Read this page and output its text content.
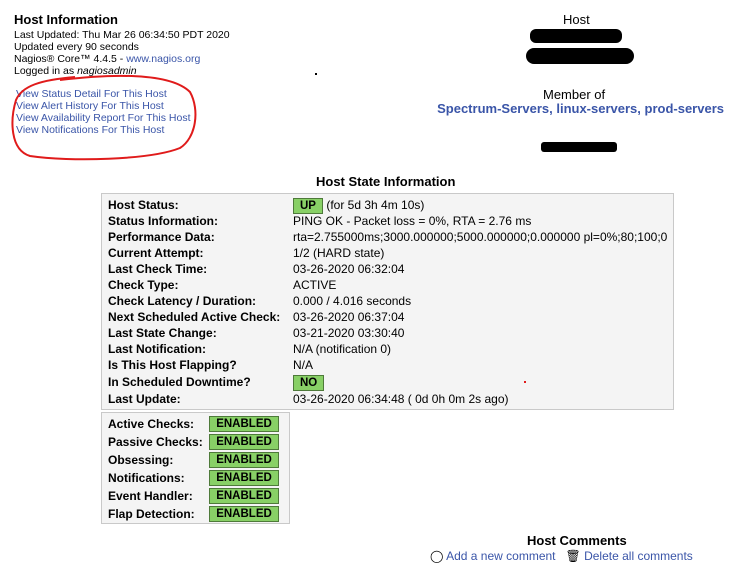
Host Information
Last Updated: Thu Mar 26 06:34:50 PDT 2020
Updated every 90 seconds
Nagios® Core™ 4.4.5 - www.nagios.org
Logged in as nagiosadmin
View Status Detail For This Host
View Alert History For This Host
View Availability Report For This Host
View Notifications For This Host
Host
Member of
Spectrum-Servers, linux-servers, prod-servers
Host State Information
Host Status:	UP (for 5d 3h 4m 10s)
Status Information:	PING OK - Packet loss = 0%, RTA = 2.76 ms
Performance Data:	rta=2.755000ms;3000.000000;5000.000000;0.000000 pl=0%;80;100;0
Current Attempt:	1/2 (HARD state)
Last Check Time:	03-26-2020 06:32:04
Check Type:	ACTIVE
Check Latency / Duration:	0.000 / 4.016 seconds
Next Scheduled Active Check: 03-26-2020 06:37:04
Last State Change:	03-21-2020 03:30:40
Last Notification:	N/A (notification 0)
Is This Host Flapping?	N/A
In Scheduled Downtime?	NO
Last Update:	03-26-2020 06:34:48 ( 0d 0h 0m 2s ago)
Active Checks:	ENABLED
Passive Checks:	ENABLED
Obsessing:	ENABLED
Notifications:	ENABLED
Event Handler:	ENABLED
Flap Detection:	ENABLED
Host Comments
◯ Add a new comment 🗑 Delete all comments
